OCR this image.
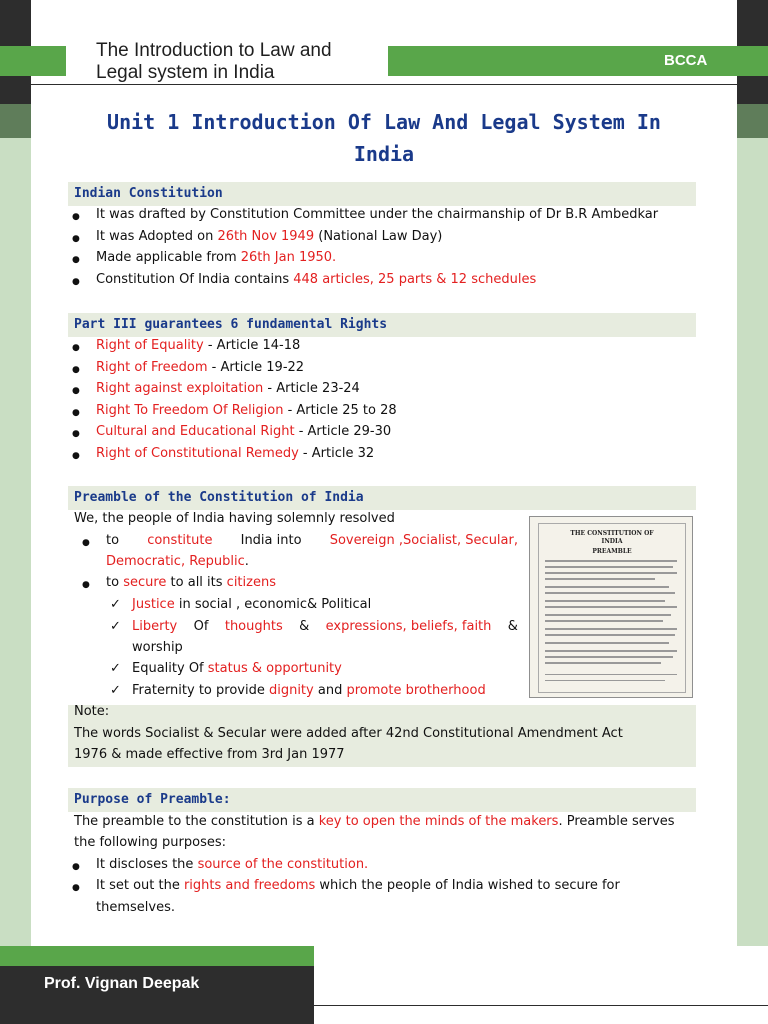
The Introduction to Law and
Legal system in India
BCCA
Unit 1 Introduction Of Law And Legal System In
India
Indian Constitution
● It was drafted by Constitution Committee under the chairmanship of Dr B.R Ambedkar
● It was Adopted on 26th Nov 1949 (National Law Day)
● Made applicable from 26th Jan 1950.
● Constitution Of India contains 448 articles, 25 parts & 12 schedules
Part III guarantees 6 fundamental Rights
● Right of Equality - Article 14-18
● Right of Freedom - Article 19-22
● Right against exploitation - Article 23-24
● Right To Freedom Of Religion - Article 25 to 28
● Cultural and Educational Right - Article 29-30
● Right of Constitutional Remedy - Article 32
Preamble of the Constitution of India
We, the people of India having solemnly resolved
● to constitute India into Sovereign ,Socialist, Secular,
Democratic, Republic.
● to secure to all its citizens
✓ Justice in social , economic& Political
✓ Liberty Of thoughts & expressions, beliefs, faith &
worship
✓ Equality Of status & opportunity
✓ Fraternity to provide dignity and promote brotherhood
THE CONSTITUTION OF
INDIA
PREAMBLE
Note:
The words Socialist & Secular were added after 42nd Constitutional Amendment Act
1976 & made effective from 3rd Jan 1977
Purpose of Preamble:
The preamble to the constitution is a key to open the minds of the makers. Preamble serves
the following purposes:
● It discloses the source of the constitution.
● It set out the rights and freedoms which the people of India wished to secure for
themselves.
Prof. Vignan Deepak
